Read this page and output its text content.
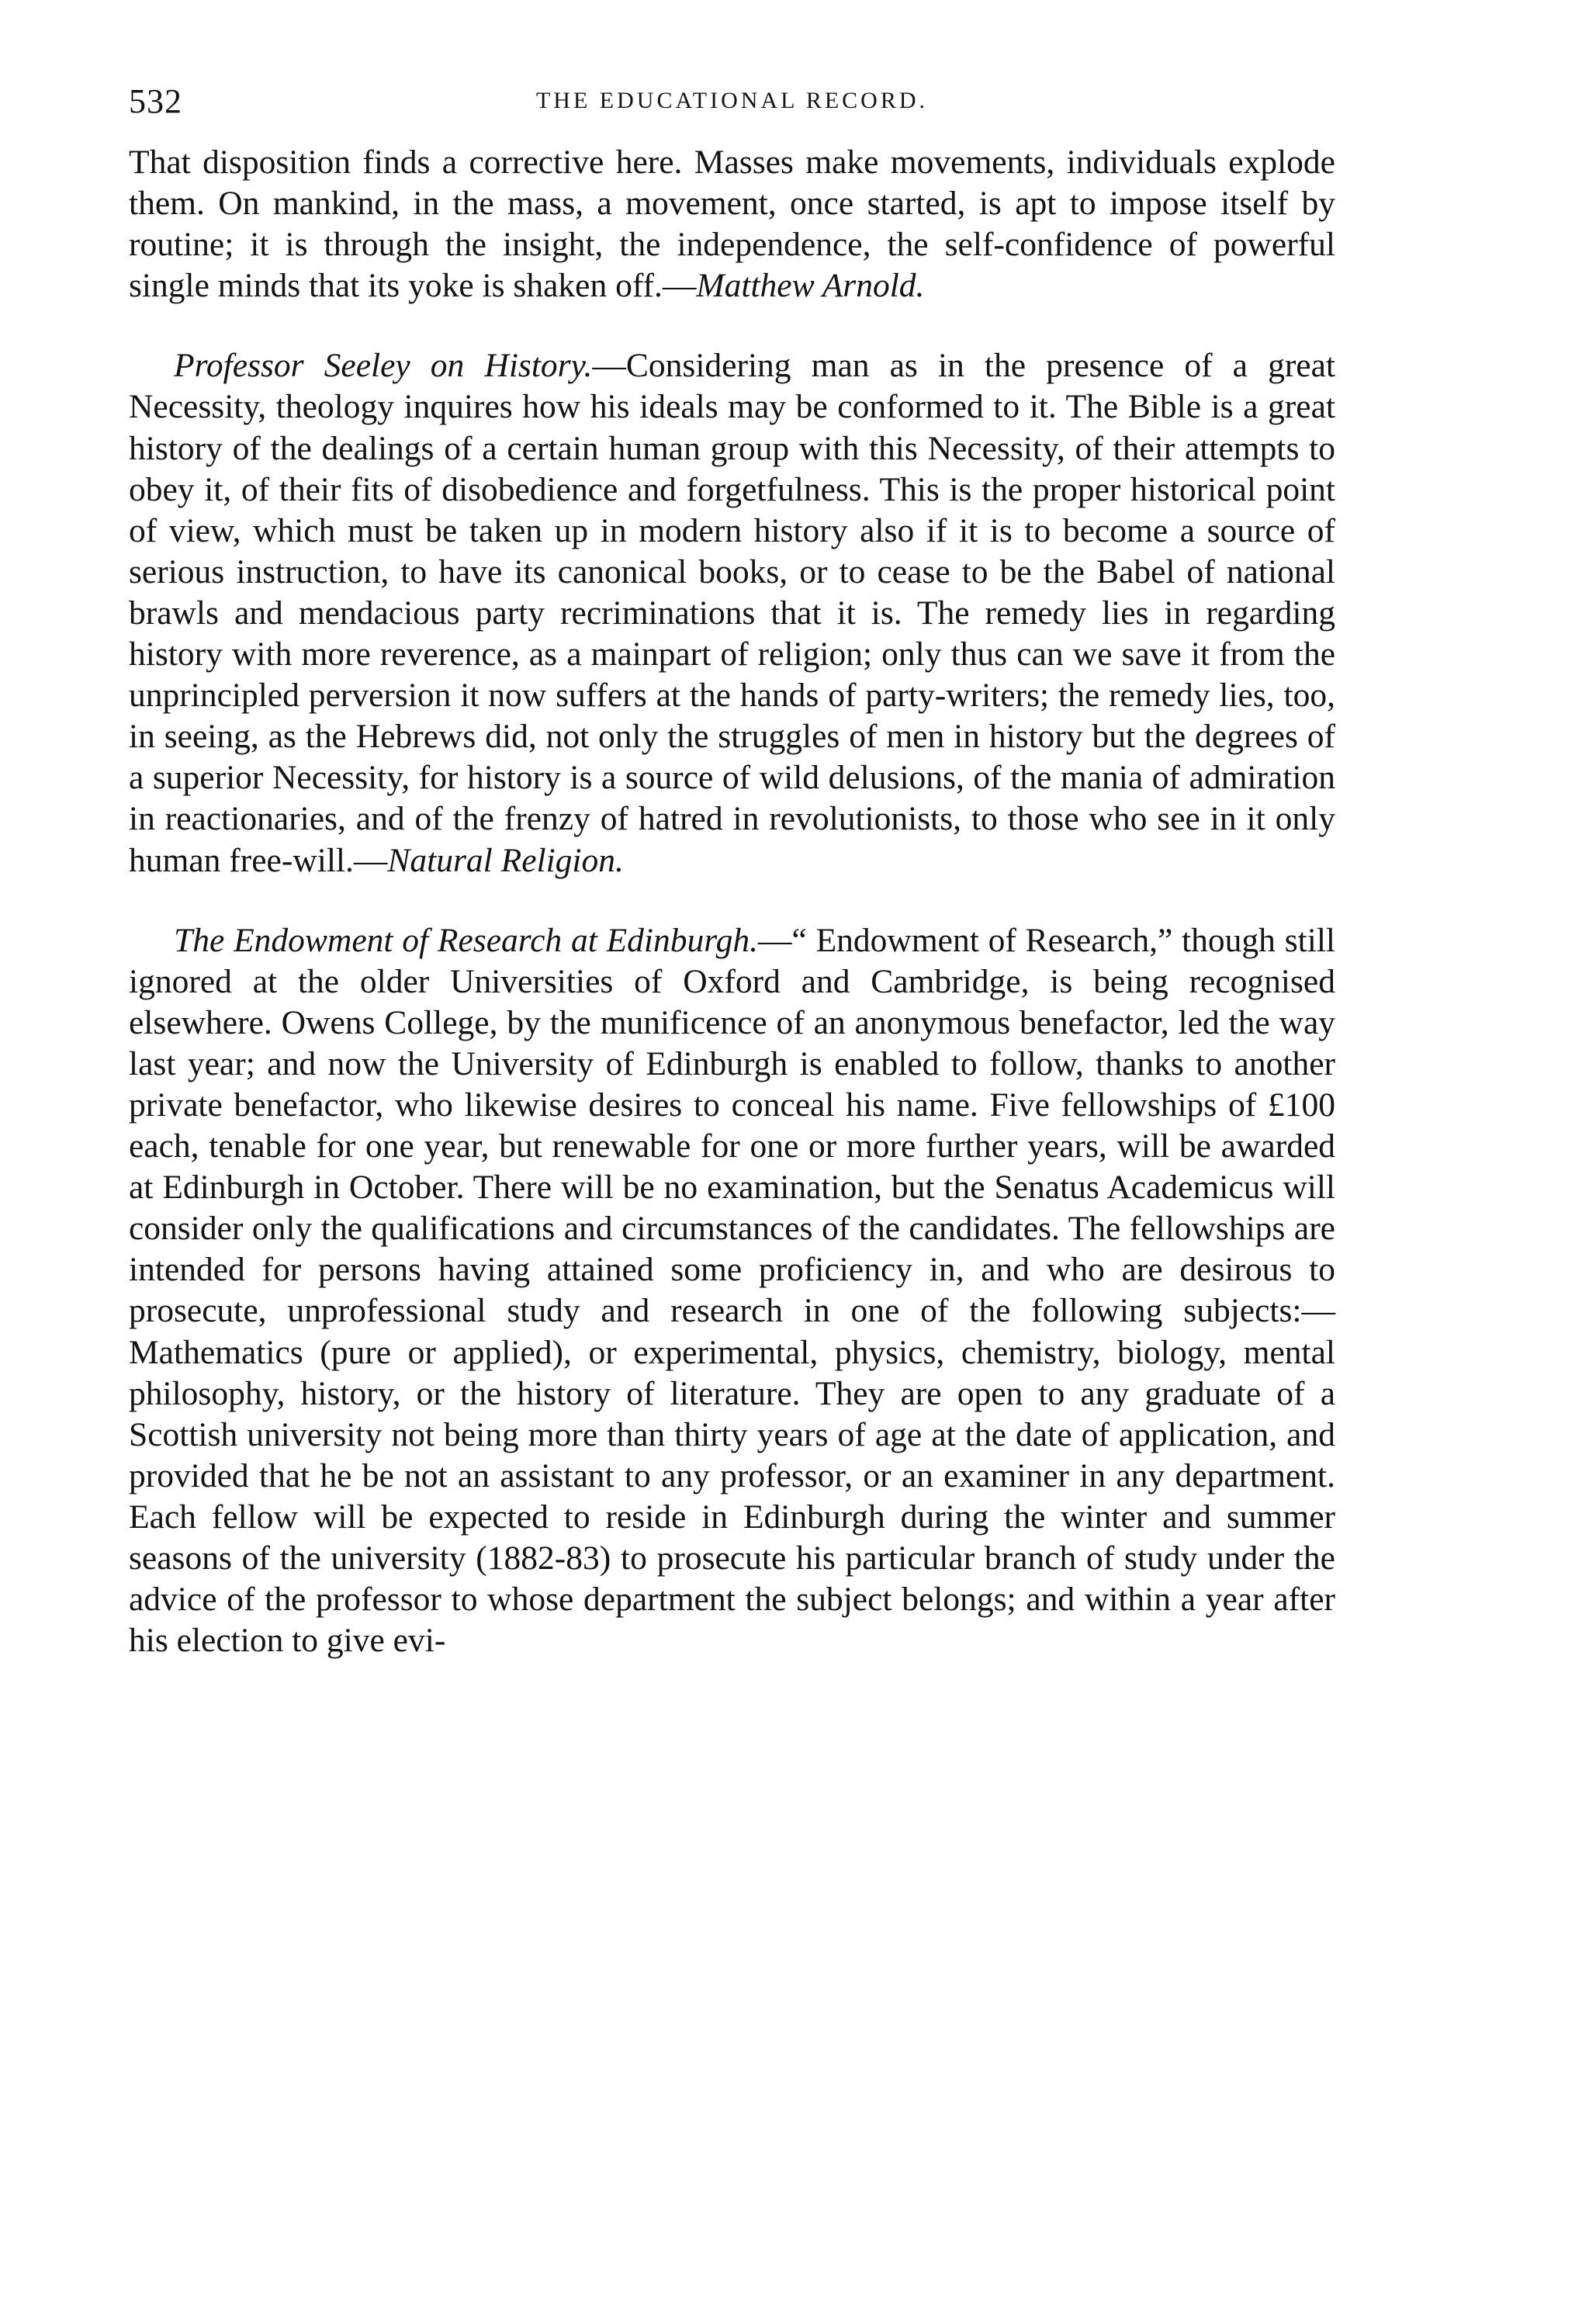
532	THE EDUCATIONAL RECORD.

That disposition finds a corrective here. Masses make movements, individuals explode them. On mankind, in the mass, a movement, once started, is apt to impose itself by routine; it is through the insight, the independence, the self-confidence of powerful single minds that its yoke is shaken off.—Matthew Arnold.

Professor Seeley on History.—Considering man as in the presence of a great Necessity, theology inquires how his ideals may be conformed to it. The Bible is a great history of the dealings of a certain human group with this Necessity, of their attempts to obey it, of their fits of disobedience and forgetfulness. This is the proper historical point of view, which must be taken up in modern history also if it is to become a source of serious instruction, to have its canonical books, or to cease to be the Babel of national brawls and mendacious party recriminations that it is. The remedy lies in regarding history with more reverence, as a mainpart of religion; only thus can we save it from the unprincipled perversion it now suffers at the hands of party-writers; the remedy lies, too, in seeing, as the Hebrews did, not only the struggles of men in history but the degrees of a superior Necessity, for history is a source of wild delusions, of the mania of admiration in reactionaries, and of the frenzy of hatred in revolutionists, to those who see in it only human free-will.—Natural Religion.

The Endowment of Research at Edinburgh.—“ Endowment of Research,” though still ignored at the older Universities of Oxford and Cambridge, is being recognised elsewhere. Owens College, by the munificence of an anonymous benefactor, led the way last year; and now the University of Edinburgh is enabled to follow, thanks to another private benefactor, who likewise desires to conceal his name. Five fellowships of £100 each, tenable for one year, but renewable for one or more further years, will be awarded at Edinburgh in October. There will be no examination, but the Senatus Academicus will consider only the qualifications and circumstances of the candidates. The fellowships are intended for persons having attained some proficiency in, and who are desirous to prosecute, unprofessional study and research in one of the following subjects:—Mathematics (pure or applied), or experimental, physics, chemistry, biology, mental philosophy, history, or the history of literature. They are open to any graduate of a Scottish university not being more than thirty years of age at the date of application, and provided that he be not an assistant to any professor, or an examiner in any department. Each fellow will be expected to reside in Edinburgh during the winter and summer seasons of the university (1882-83) to prosecute his particular branch of study under the advice of the professor to whose department the subject belongs; and within a year after his election to give evi-
